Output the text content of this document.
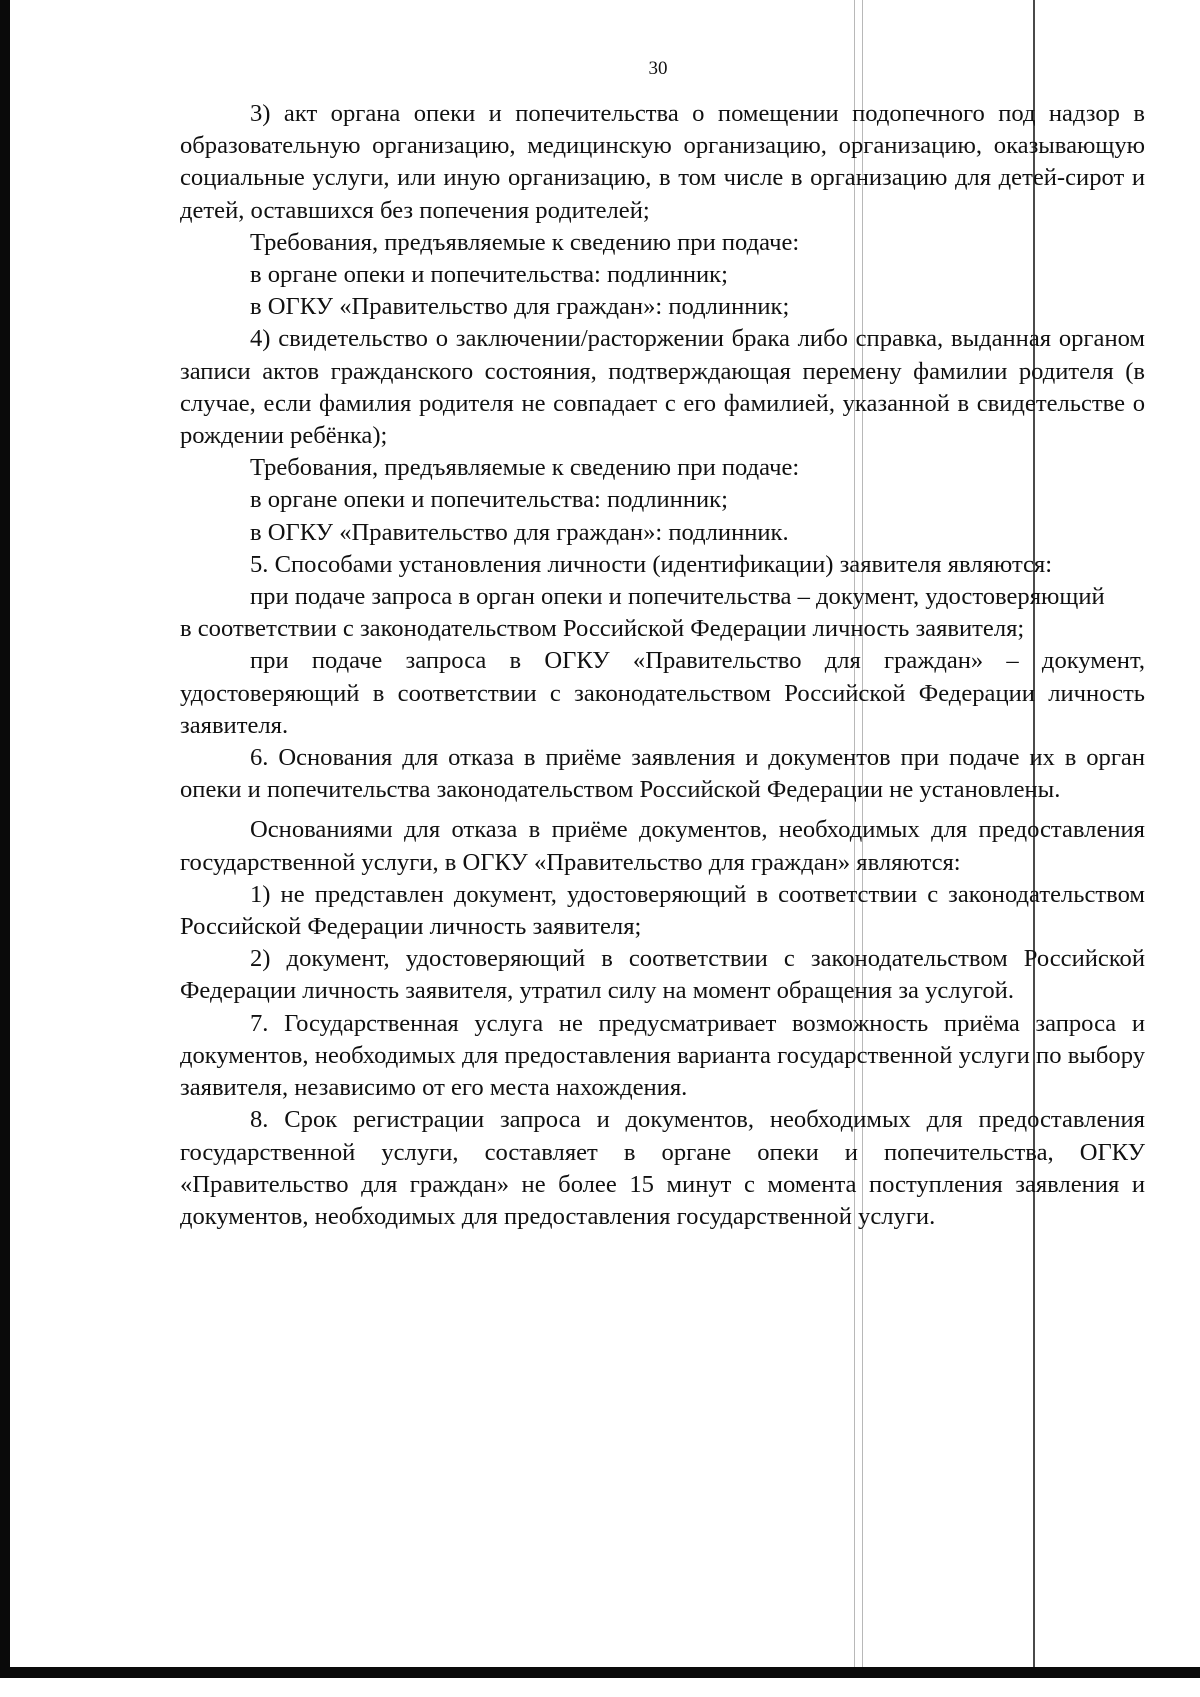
30

3) акт органа опеки и попечительства о помещении подопечного под надзор в образовательную организацию, медицинскую организацию, организацию, оказывающую социальные услуги, или иную организацию, в том числе в организацию для детей-сирот и детей, оставшихся без попечения родителей;

Требования, предъявляемые к сведению при подаче:

в органе опеки и попечительства: подлинник;

в ОГКУ «Правительство для граждан»: подлинник;

4) свидетельство о заключении/расторжении брака либо справка, выданная органом записи актов гражданского состояния, подтверждающая перемену фамилии родителя (в случае, если фамилия родителя не совпадает с его фамилией, указанной в свидетельстве о рождении ребёнка);

Требования, предъявляемые к сведению при подаче:

в органе опеки и попечительства: подлинник;

в ОГКУ «Правительство для граждан»: подлинник.

5. Способами установления личности (идентификации) заявителя являются:

при подаче запроса в орган опеки и попечительства – документ, удостоверяющий

в соответствии с законодательством Российской Федерации личность заявителя;

при подаче запроса в ОГКУ «Правительство для граждан» – документ, удостоверяющий в соответствии с законодательством Российской Федерации личность заявителя.

6. Основания для отказа в приёме заявления и документов при подаче их в орган опеки и попечительства законодательством Российской Федерации не установлены.

Основаниями для отказа в приёме документов, необходимых для предоставления государственной услуги, в ОГКУ «Правительство для граждан» являются:

1) не представлен документ, удостоверяющий в соответствии с законодательством Российской Федерации личность заявителя;

2) документ, удостоверяющий в соответствии с законодательством Российской Федерации личность заявителя, утратил силу на момент обращения за услугой.

7. Государственная услуга не предусматривает возможность приёма запроса и документов, необходимых для предоставления варианта государственной услуги по выбору заявителя, независимо от его места нахождения.

8. Срок регистрации запроса и документов, необходимых для предоставления государственной услуги, составляет в органе опеки и попечительства, ОГКУ «Правительство для граждан» не более 15 минут с момента поступления заявления и документов, необходимых для предоставления государственной услуги.
